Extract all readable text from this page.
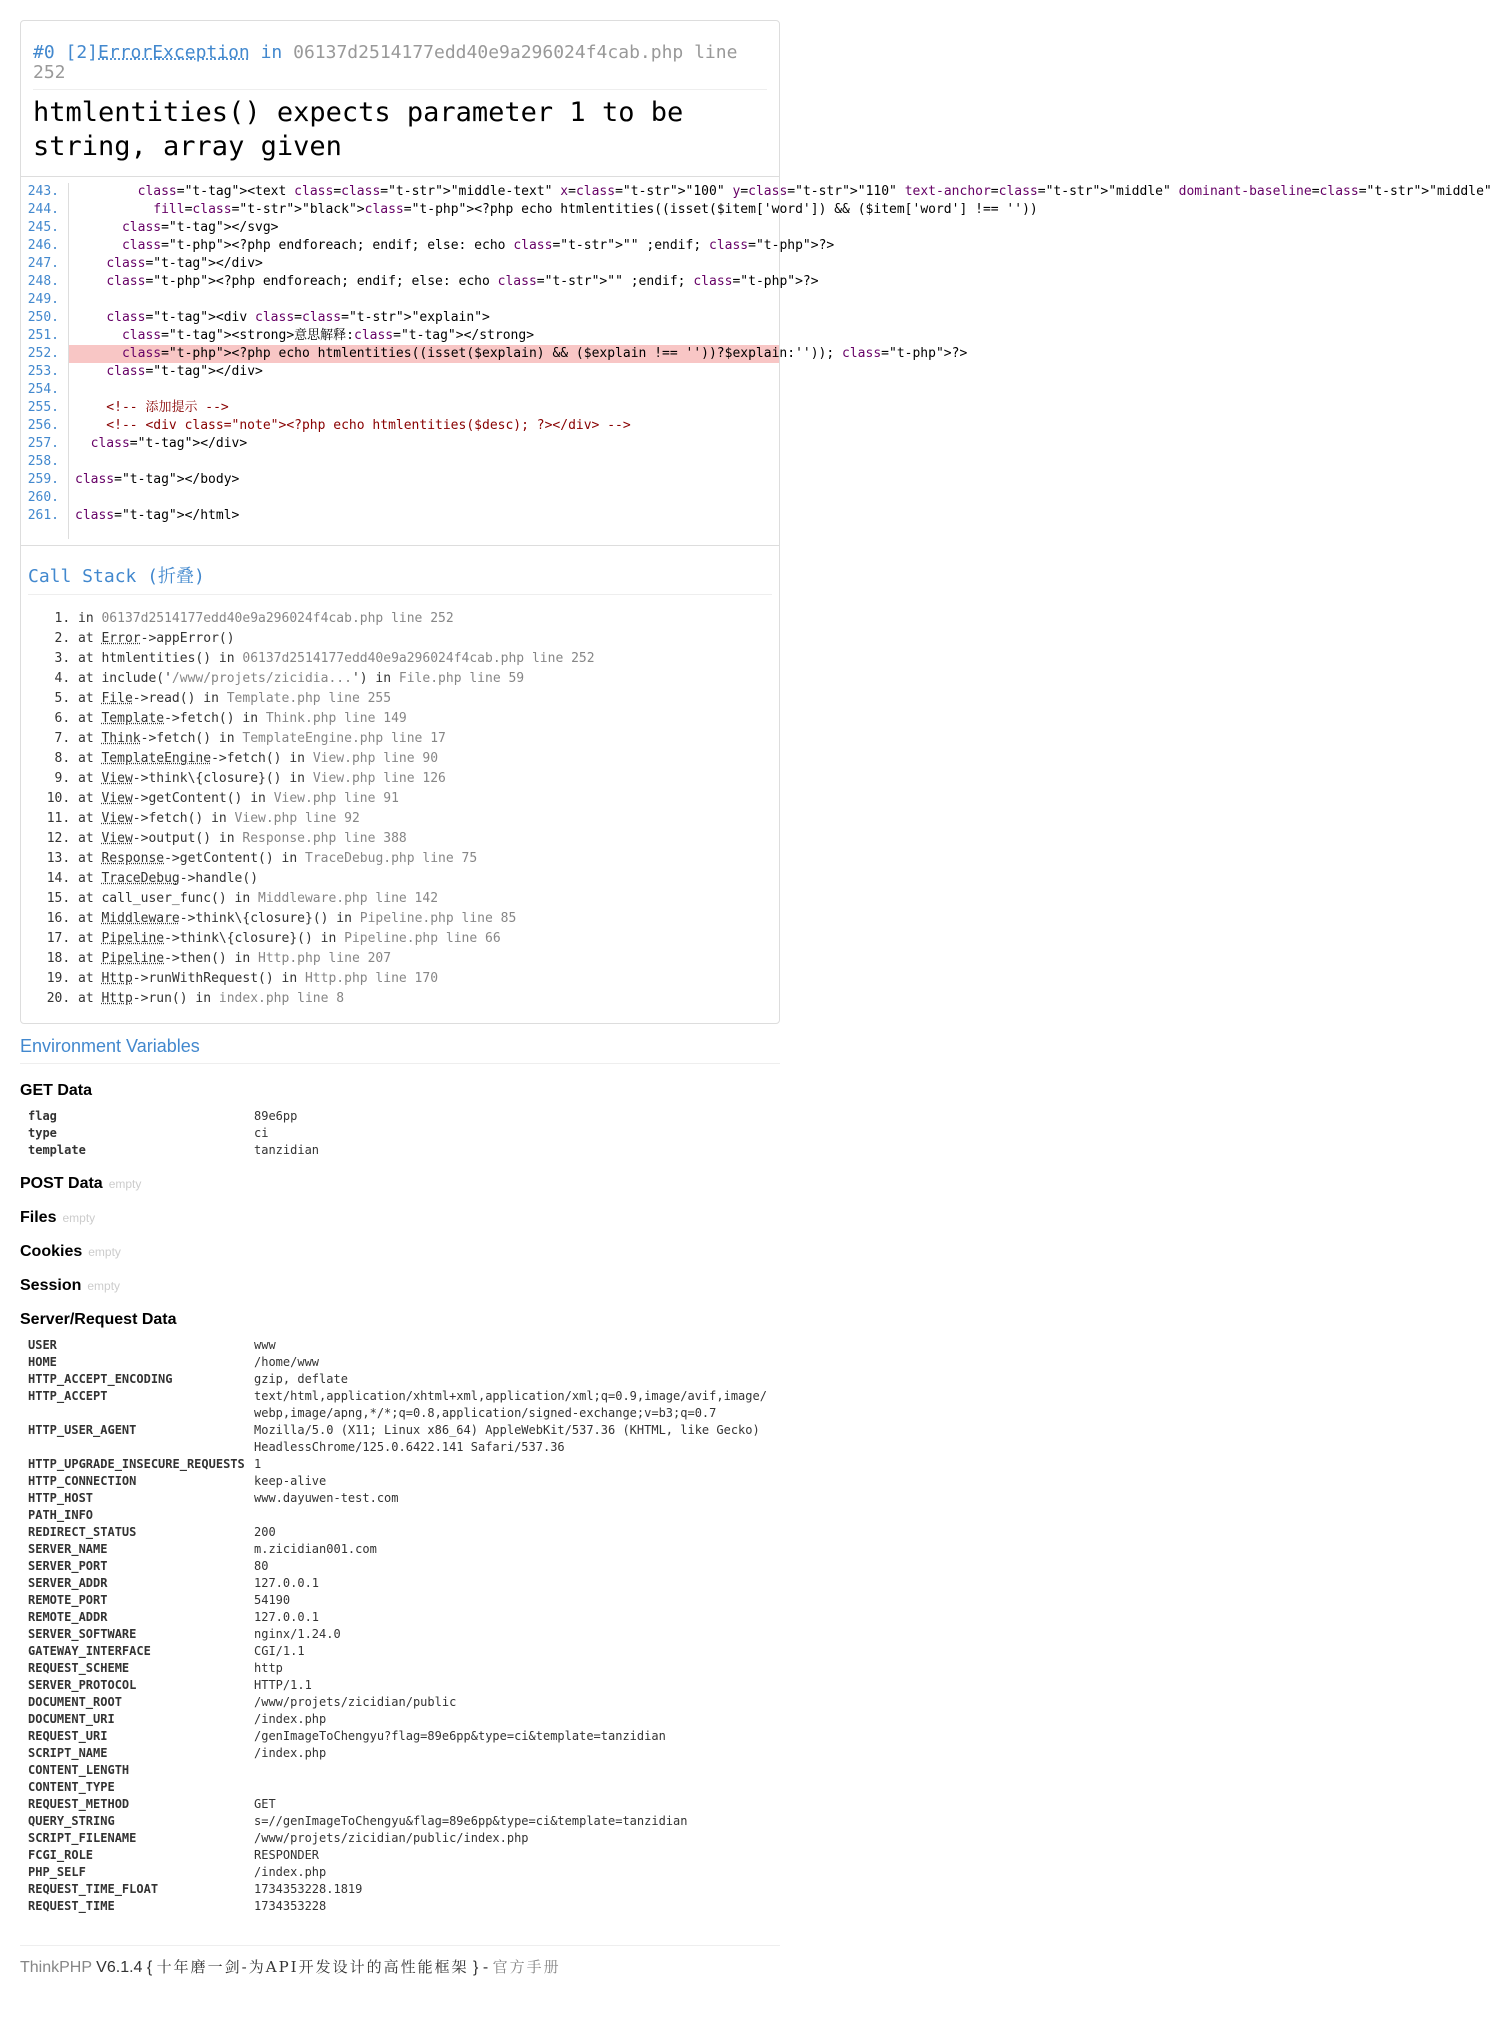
#0 [2]ErrorException in 06137d2514177edd40e9a296024f4cab.php line 252
htmlentities() expects parameter 1 to be string, array given
243.	class="t-tag"><text class=class="t-str">"middle-text" x=class="t-str">"100" y=class="t-str">"110" text-anchor=class="t-str">"middle" dominant-baseline=class="t-str">"middle"
244.	fill=class="t-str">"black">class="t-php"><?php echo htmlentities((isset($item['word']) && ($item['word'] !== ''))
245.	class="t-tag"></svg>
246.	class="t-php"><?php endforeach; endif; else: echo class="t-str">"" ;endif; class="t-php">?>
247.	class="t-tag"></div>
248.	class="t-php"><?php endforeach; endif; else: echo class="t-str">"" ;endif; class="t-php">?>
249.
250.	class="t-tag"><div class=class="t-str">"explain">
251.	class="t-tag"><strong>意思解释:class="t-tag"></strong>
252.	class="t-php"><?php echo htmlentities((isset($explain) && ($explain !== ''))?$explain:'')); class="t-php">?>
253.	class="t-tag"></div>
254.
255.    <!-- 添加提示 -->
256.    <!-- <div class="note"><?php echo htmlentities($desc); ?></div> -->
257. class="t-tag"></div>
258.
259. class="t-tag"></body>
260.
261. class="t-tag"></html>
Call Stack (折叠)
1. in 06137d2514177edd40e9a296024f4cab.php line 252
2. at Error->appError()
3. at htmlentities() in 06137d2514177edd40e9a296024f4cab.php line 252
4. at include('/www/projets/zicidia...') in File.php line 59
5. at File->read() in Template.php line 255
6. at Template->fetch() in Think.php line 149
7. at Think->fetch() in TemplateEngine.php line 17
8. at TemplateEngine->fetch() in View.php line 90
9. at View->think\{closure}() in View.php line 126
10. at View->getContent() in View.php line 91
11. at View->fetch() in View.php line 92
12. at View->output() in Response.php line 388
13. at Response->getContent() in TraceDebug.php line 75
14. at TraceDebug->handle()
15. at call_user_func() in Middleware.php line 142
16. at Middleware->think\{closure}() in Pipeline.php line 85
17. at Pipeline->think\{closure}() in Pipeline.php line 66
18. at Pipeline->then() in Http.php line 207
19. at Http->runWithRequest() in Http.php line 170
20. at Http->run() in index.php line 8
Environment Variables
GET Data
flag	89e6pp
type	ci
template	tanzidian
POST Data empty
Files empty
Cookies empty
Session empty
Server/Request Data
USER	www
HOME	/home/www
HTTP_ACCEPT_ENCODING	gzip, deflate
HTTP_ACCEPT	text/html,application/xhtml+xml,application/xml;q=0.9,image/avif,image/webp,image/apng,*/*;q=0.8,application/signed-exchange;v=b3;q=0.7
HTTP_USER_AGENT	Mozilla/5.0 (X11; Linux x86_64) AppleWebKit/537.36 (KHTML, like Gecko) HeadlessChrome/125.0.6422.141 Safari/537.36
HTTP_UPGRADE_INSECURE_REQUESTS 1
HTTP_CONNECTION	keep-alive
HTTP_HOST	www.dayuwen-test.com
PATH_INFO
REDIRECT_STATUS	200
SERVER_NAME	m.zicidian001.com
SERVER_PORT	80
SERVER_ADDR	127.0.0.1
REMOTE_PORT	54190
REMOTE_ADDR	127.0.0.1
SERVER_SOFTWARE	nginx/1.24.0
GATEWAY_INTERFACE	CGI/1.1
REQUEST_SCHEME	http
SERVER_PROTOCOL	HTTP/1.1
DOCUMENT_ROOT	/www/projets/zicidian/public
DOCUMENT_URI	/index.php
REQUEST_URI	/genImageToChengyu?flag=89e6pp&type=ci&template=tanzidian
SCRIPT_NAME	/index.php
CONTENT_LENGTH
CONTENT_TYPE
REQUEST_METHOD	GET
QUERY_STRING	s=//genImageToChengyu&flag=89e6pp&type=ci&template=tanzidian
SCRIPT_FILENAME	/www/projets/zicidian/public/index.php
FCGI_ROLE	RESPONDER
PHP_SELF	/index.php
REQUEST_TIME_FLOAT	1734353228.1819
REQUEST_TIME	1734353228
ThinkPHP V6.1.4 { 十年磨一剑-为API开发设计的高性能框架 } - 官方手册
